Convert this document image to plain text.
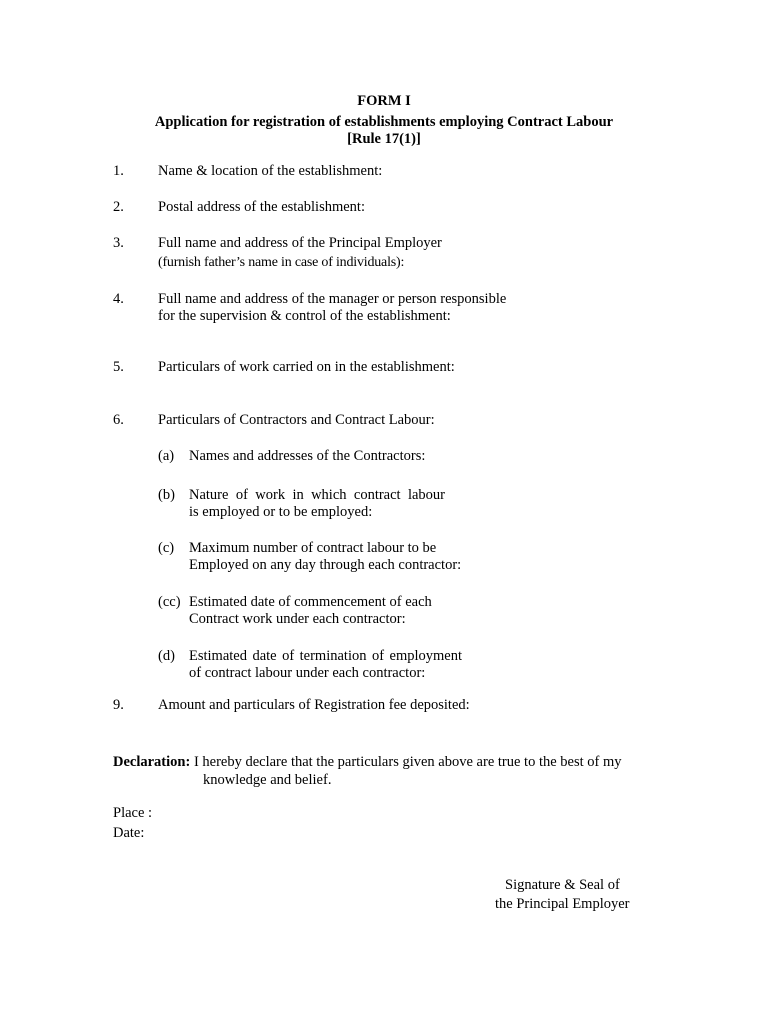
FORM I
Application for registration of establishments employing Contract Labour
[Rule 17(1)]
1. Name & location of the establishment:
2. Postal address of the establishment:
3. Full name and address of the Principal Employer
(furnish father’s name in case of individuals):
4. Full name and address of the manager or person responsible
for the supervision & control of the establishment:
5. Particulars of work carried on in the establishment:
6. Particulars of Contractors and Contract Labour:
(a) Names and addresses of the Contractors:
(b) Nature of work in which contract labour
is employed or to be employed:
(c) Maximum number of contract labour to be
Employed on any day through each contractor:
(cc) Estimated date of commencement of each
Contract work under each contractor:
(d) Estimated date of termination of employment
of contract labour under each contractor:
9. Amount and particulars of Registration fee deposited:
Declaration: I hereby declare that the particulars given above are true to the best of my
knowledge and belief.
Place :
Date:
Signature & Seal of
the Principal Employer
